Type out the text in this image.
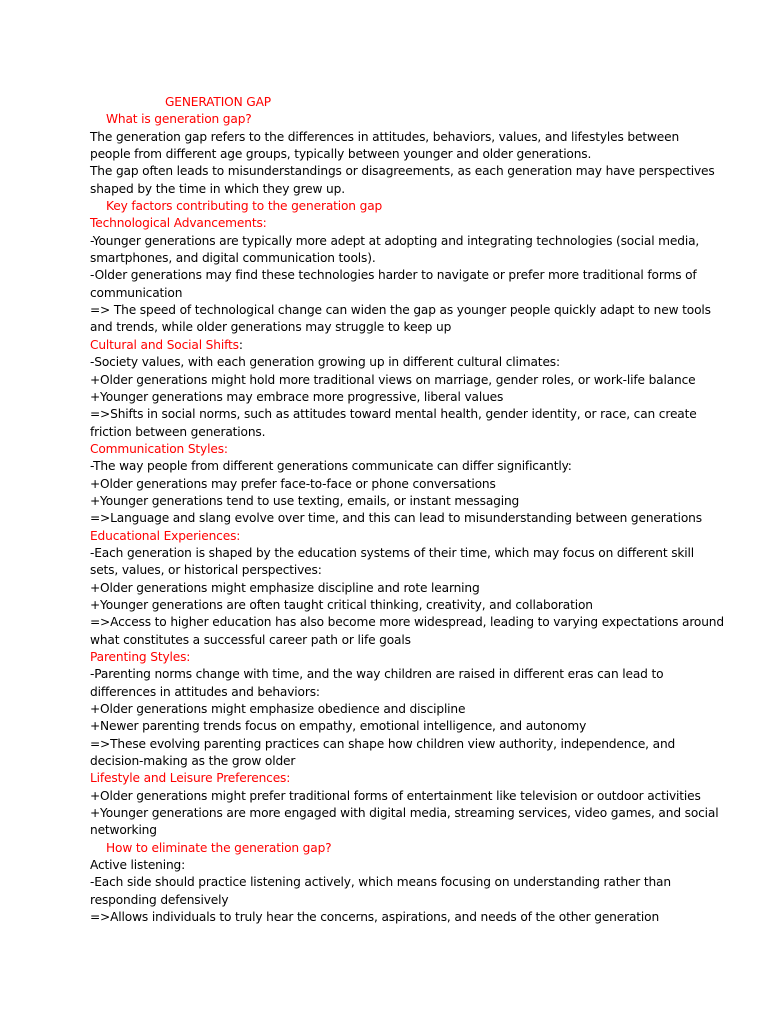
GENERATION GAP
What is generation gap?
The generation gap refers to the differences in attitudes, behaviors, values, and lifestyles between
people from different age groups, typically between younger and older generations.
The gap often leads to misunderstandings or disagreements, as each generation may have perspectives
shaped by the time in which they grew up.
Key factors contributing to the generation gap
Technological Advancements:
-Younger generations are typically more adept at adopting and integrating technologies (social media,
smartphones, and digital communication tools).
-Older generations may find these technologies harder to navigate or prefer more traditional forms of
communication
=> The speed of technological change can widen the gap as younger people quickly adapt to new tools
and trends, while older generations may struggle to keep up
Cultural and Social Shifts:
-Society values, with each generation growing up in different cultural climates:
+Older generations might hold more traditional views on marriage, gender roles, or work-life balance
+Younger generations may embrace more progressive, liberal values
=>Shifts in social norms, such as attitudes toward mental health, gender identity, or race, can create
friction between generations.
Communication Styles:
-The way people from different generations communicate can differ significantly:
+Older generations may prefer face-to-face or phone conversations
+Younger generations tend to use texting, emails, or instant messaging
=>Language and slang evolve over time, and this can lead to misunderstanding between generations
Educational Experiences:
-Each generation is shaped by the education systems of their time, which may focus on different skill
sets, values, or historical perspectives:
+Older generations might emphasize discipline and rote learning
+Younger generations are often taught critical thinking, creativity, and collaboration
=>Access to higher education has also become more widespread, leading to varying expectations around
what constitutes a successful career path or life goals
Parenting Styles:
-Parenting norms change with time, and the way children are raised in different eras can lead to
differences in attitudes and behaviors:
+Older generations might emphasize obedience and discipline
+Newer parenting trends focus on empathy, emotional intelligence, and autonomy
=>These evolving parenting practices can shape how children view authority, independence, and
decision-making as the grow older
Lifestyle and Leisure Preferences:
+Older generations might prefer traditional forms of entertainment like television or outdoor activities
+Younger generations are more engaged with digital media, streaming services, video games, and social
networking
How to eliminate the generation gap?
Active listening:
-Each side should practice listening actively, which means focusing on understanding rather than
responding defensively
=>Allows individuals to truly hear the concerns, aspirations, and needs of the other generation
